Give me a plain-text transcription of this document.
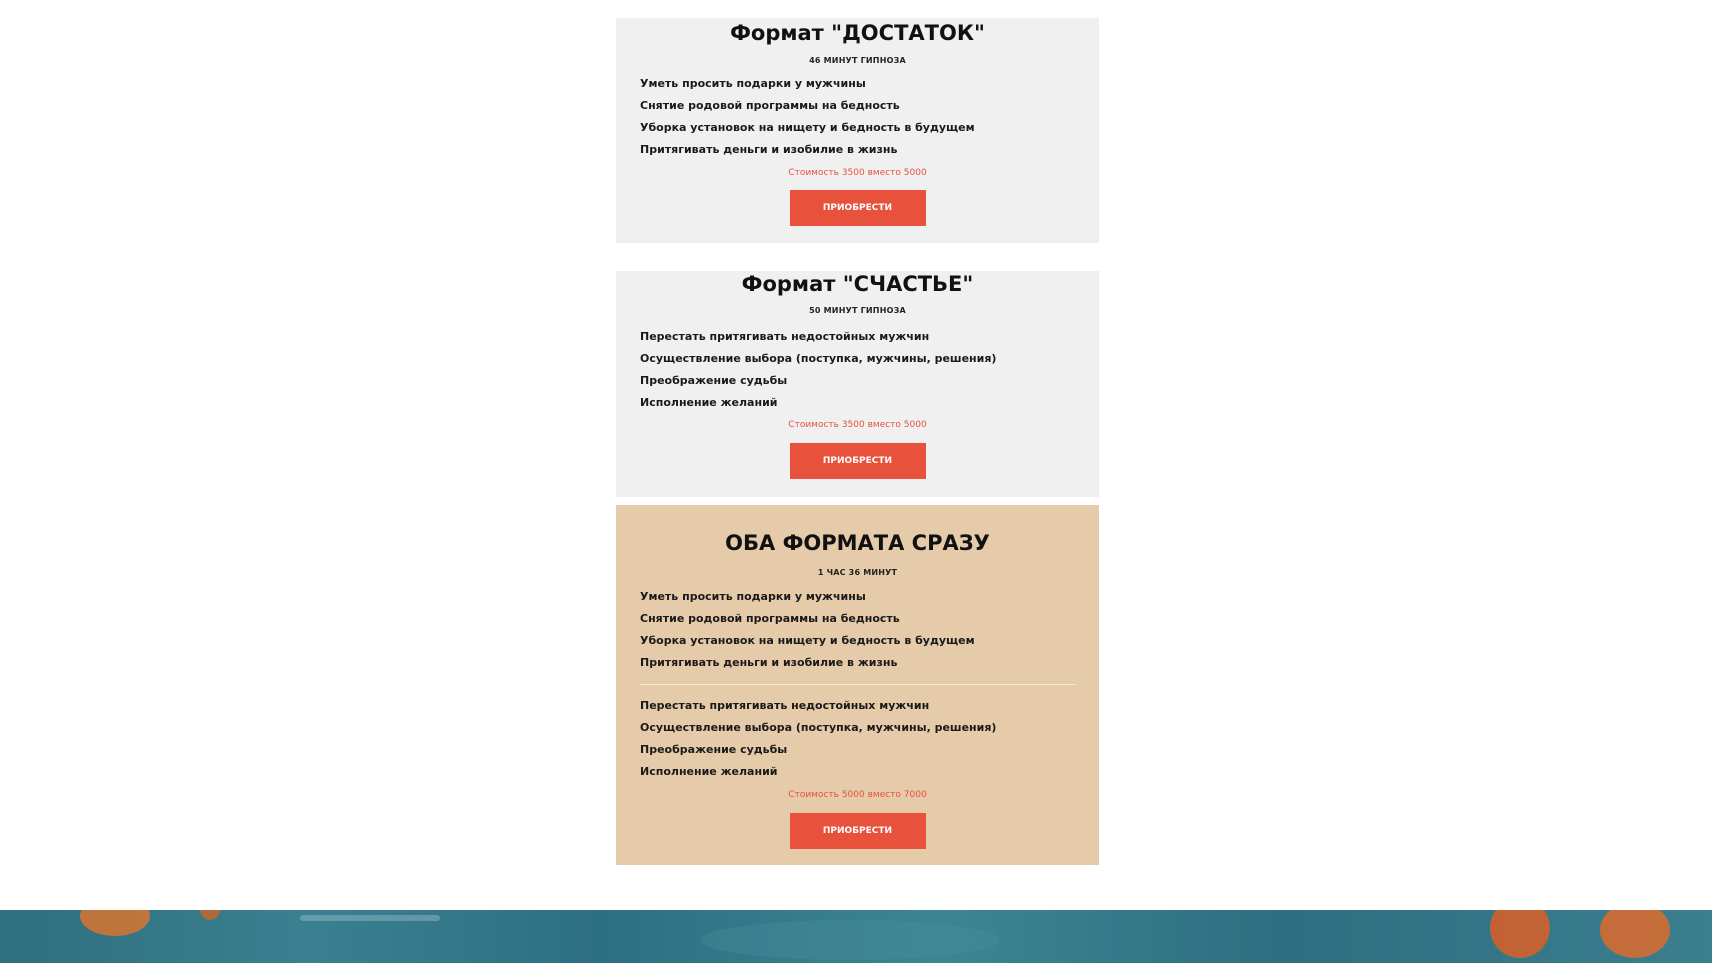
Формат "ДОСТАТОК"
46 МИНУТ ГИПНОЗА
Уметь просить подарки у мужчины
Снятие родовой программы на бедность
Уборка установок на нищету и бедность в будущем
Притягивать деньги и изобилие в жизнь
Стоимость 3500 вместо 5000
ПРИОБРЕСТИ
Формат "СЧАСТЬЕ"
50 МИНУТ ГИПНОЗА
Перестать притягивать недостойных мужчин
Осуществление выбора (поступка, мужчины, решения)
Преображение судьбы
Исполнение желаний
Стоимость 3500 вместо 5000
ПРИОБРЕСТИ
ОБА ФОРМАТА СРАЗУ
1 ЧАС 36 МИНУТ
Уметь просить подарки у мужчины
Снятие родовой программы на бедность
Уборка установок на нищету и бедность в будущем
Притягивать деньги и изобилие в жизнь
Перестать притягивать недостойных мужчин
Осуществление выбора (поступка, мужчины, решения)
Преображение судьбы
Исполнение желаний
Стоимость 5000 вместо 7000
ПРИОБРЕСТИ
